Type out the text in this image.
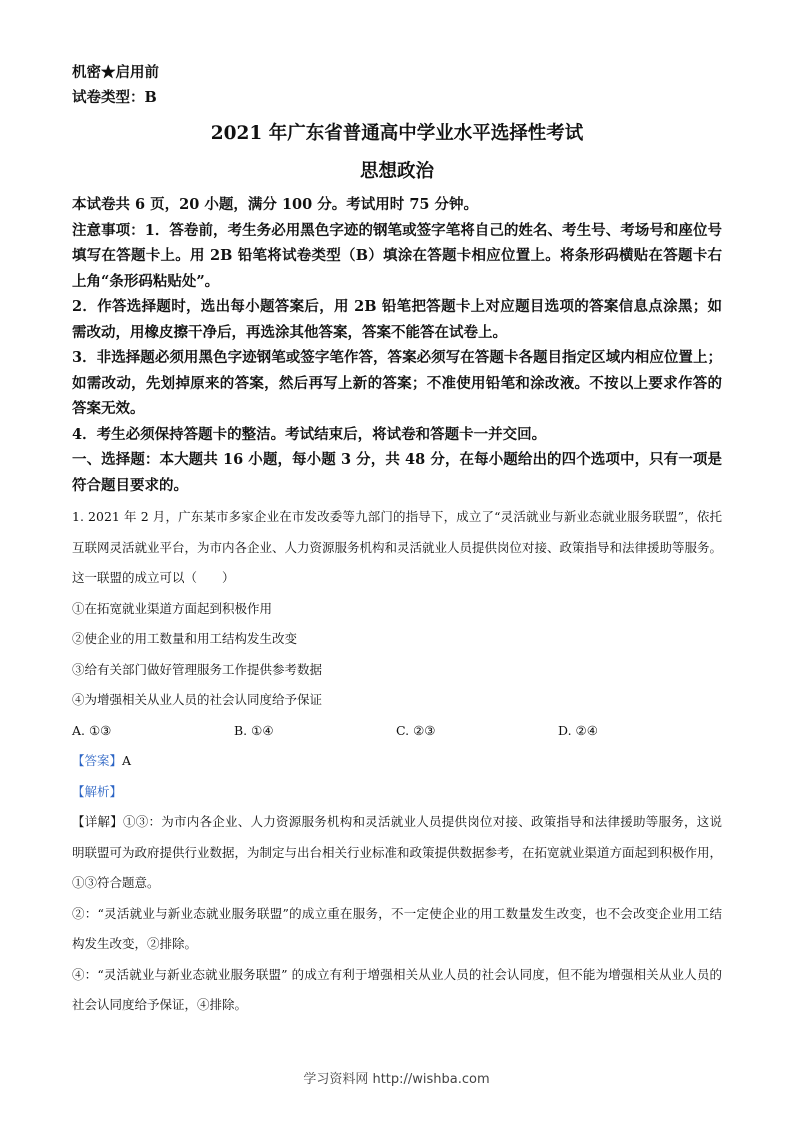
机密★启用前
试卷类型：B
2021 年广东省普通高中学业水平选择性考试
思想政治
本试卷共 6 页，20 小题，满分 100 分。考试用时 75 分钟。
注意事项：1．答卷前，考生务必用黑色字迹的钢笔或签字笔将自己的姓名、考生号、考场号和座位号填写在答题卡上。用 2B 铅笔将试卷类型（B）填涂在答题卡相应位置上。将条形码横贴在答题卡右上角“条形码粘贴处”。
2．作答选择题时，选出每小题答案后，用 2B 铅笔把答题卡上对应题目选项的答案信息点涂黑；如需改动，用橡皮擦干净后，再选涂其他答案，答案不能答在试卷上。
3．非选择题必须用黑色字迹钢笔或签字笔作答，答案必须写在答题卡各题目指定区域内相应位置上；如需改动，先划掉原来的答案，然后再写上新的答案；不准使用铅笔和涂改液。不按以上要求作答的答案无效。
4．考生必须保持答题卡的整洁。考试结束后，将试卷和答题卡一并交回。
一、选择题：本大题共 16 小题，每小题 3 分，共 48 分，在每小题给出的四个选项中，只有一项是符合题目要求的。
1. 2021 年 2 月，广东某市多家企业在市发改委等九部门的指导下，成立了“灵活就业与新业态就业服务联盟”，依托互联网灵活就业平台，为市内各企业、人力资源服务机构和灵活就业人员提供岗位对接、政策指导和法律援助等服务。这一联盟的成立可以（　　）
①在拓宽就业渠道方面起到积极作用
②使企业的用工数量和用工结构发生改变
③给有关部门做好管理服务工作提供参考数据
④为增强相关从业人员的社会认同度给予保证
A. ①③	B. ①④	C. ②③	D. ②④
【答案】A
【解析】
【详解】①③：为市内各企业、人力资源服务机构和灵活就业人员提供岗位对接、政策指导和法律援助等服务，这说明联盟可为政府提供行业数据，为制定与出台相关行业标准和政策提供数据参考，在拓宽就业渠道方面起到积极作用，①③符合题意。
②：“灵活就业与新业态就业服务联盟”的成立重在服务，不一定使企业的用工数量发生改变，也不会改变企业用工结构发生改变，②排除。
④：“灵活就业与新业态就业服务联盟” 的成立有利于增强相关从业人员的社会认同度，但不能为增强相关从业人员的社会认同度给予保证，④排除。
学习资料网 http://wishba.com
